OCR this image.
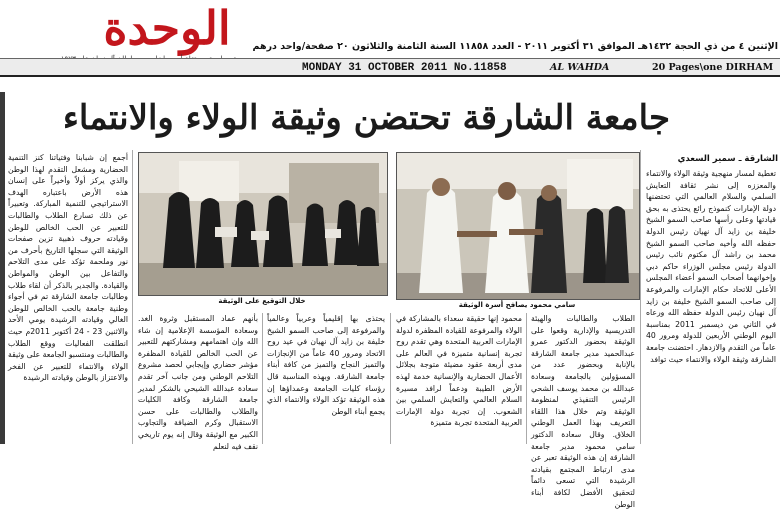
الوحدة	الإثنين ٤ من ذي الحجة ١٤٣٢هـ الموافق ٣١ أكتوبر ٢٠١١ - العدد ١١٨٥٨ السنة الثامنة والثلاثون ٢٠ صفحة/واحد درهم
MONDAY 31 OCTOBER 2011 No.11858	AL WAHDA	20 Pages\one DIRHAM
جامعة الشارقة تحتضن وثيقة الولاء والانتماء
الشارقة ـ سمير السعدي
تغطية لمسار منهجية وثيقة الولاء والانتماء والمعززه إلى نشر ثقافة التعايش السلمي والسلام العالمي التي تحتضنها دولة الإمارات كنموذج رائع يحتذى به بحق قيادتها وعلى رأسها صاحب السمو الشيخ خليفة بن زايد آل نهيان رئيس الدولة حفظه الله وأخيه صاحب السمو الشيخ محمد بن راشد آل مكتوم نائب رئيس الدولة رئيس مجلس الوزراء حاكم دبي وإخوانهما أصحاب السمو أعضاء المجلس الأعلى للاتحاد حكام الإمارات والمرفوعة إلى صاحب السمو الشيخ خليفة بن زايد آل نهيان رئيس الدولة حفظه الله ورعاه في الثاني من ديسمبر 2011 بمناسبة اليوم الوطني الأربعين للدولة ومرور 40 عاماً من التقدم والازدهار. احتضنت جامعة الشارقة وثيقة الولاء والانتماء حيث توافد
الطلاب والطالبات والهيئة التدريسية والإدارية وقعوا على الوثيقة بحضور الدكتور عمرو عبدالحميد مدير جامعة الشارقة بالإنابة وبحضور عدد من المسؤولين بالجامعة وسعادة عبدالله بن محمد يوسف الشحي الرئيس التنفيذي لمنظومة الوثيقة وتم خلال هذا اللقاء التعريف بهذا العمل الوطني الخلاق. وقال سعادة الدكتور سامي محمود مدير جامعة الشارقة إن هذه الوثيقة تعبر عن مدى ارتباط المجتمع بقيادته الرشيدة التي تسعى دائماً لتحقيق الأفضل لكافة أبناء الوطن
محمود إنها حقيقة سعداء بالمشاركة في الولاء والمرفوعة للقيادة المظفرة لدولة الإمارات العربية المتحدة وهي تقدم روح تجربة إنسانية متميزة في العالم على مدى أربعة عقود مضيئة متوجة بجلائل الأعمال الحضارية والإنسانية خدمة لهذه الأرض الطيبة ودعماً لرافد مسيرة السلام العالمي والتعايش السلمي بين الشعوب. إن تجربة دولة الإمارات العربية المتحدة تجربة متميزة
يحتذى بها إقليمياً وعربياً وعالمياً والمرفوعة إلى صاحب السمو الشيخ خليفة بن زايد آل نهيان في عيد روح الاتحاد ومرور 40 عاماً من الإنجازات والتميز النجاح والتميز من كافة أبناء جامعة الشارقة. وبهذه المناسبة قال رؤساء كليات الجامعة وعمداؤها إن هذه الوثيقة تؤكد الولاء والانتماء الذي يجمع أبناء الوطن
بأنهم عماد المستقبل وثروة الغد. وسعادة المؤسسة الإعلامية إن شاء الله وإن اهتمامهم ومشاركتهم للتعبير عن الحب الخالص للقيادة المظفرة مؤشر حضاري وإيجابي لحصد مشروع التلاحم الوطني ومن جانب آخر تقدم سعادة عبدالله الشيحي بالشكر لمدير جامعة الشارقة وكافة الكليات والطلاب والطالبات على حسن الاستقبال وكرم الضيافة والتجاوب الكبير مع الوثيقة وقال إنه يوم تاريخي نقف فيه لنعلم
أجمع إن شبابنا وفتياتنا كنز التنمية الحضارية ومشعل التقدم لهذا الوطن والذي يركز أولاً وأخيراً على إنسان هذه الأرض باعتباره الهدف الاستراتيجي للتنمية المباركة. وتعبيراً عن ذلك تسارع الطلاب والطالبات للتعبير عن الحب الخالص للوطن وقيادته حروف ذهبية تزين صفحات الوثيقة التي سجلها التاريخ بأحرف من نور وملحمة تؤكد على مدى التلاحم والتفاعل بين الوطن والمواطن والقيادة. والجدير بالذكر أن لقاء طلاب وطالبات جامعة الشارقة تم في أجواء وطنية جامعة بالحب الخالص للوطن الغالي وقيادته الرشيدة يومي الأحد والاثنين 23 - 24 أكتوبر 2011م حيث انطلقت الفعاليات ووقع الطلاب والطالبات ومنتسبو الجامعة على وثيقة الولاء والانتماء للتعبير عن الفخر والاعتزاز بالوطن وقيادته الرشيدة
خلال التوقيع على الوثيقة	سامي محمود يصافح أسرة الوثيقة
